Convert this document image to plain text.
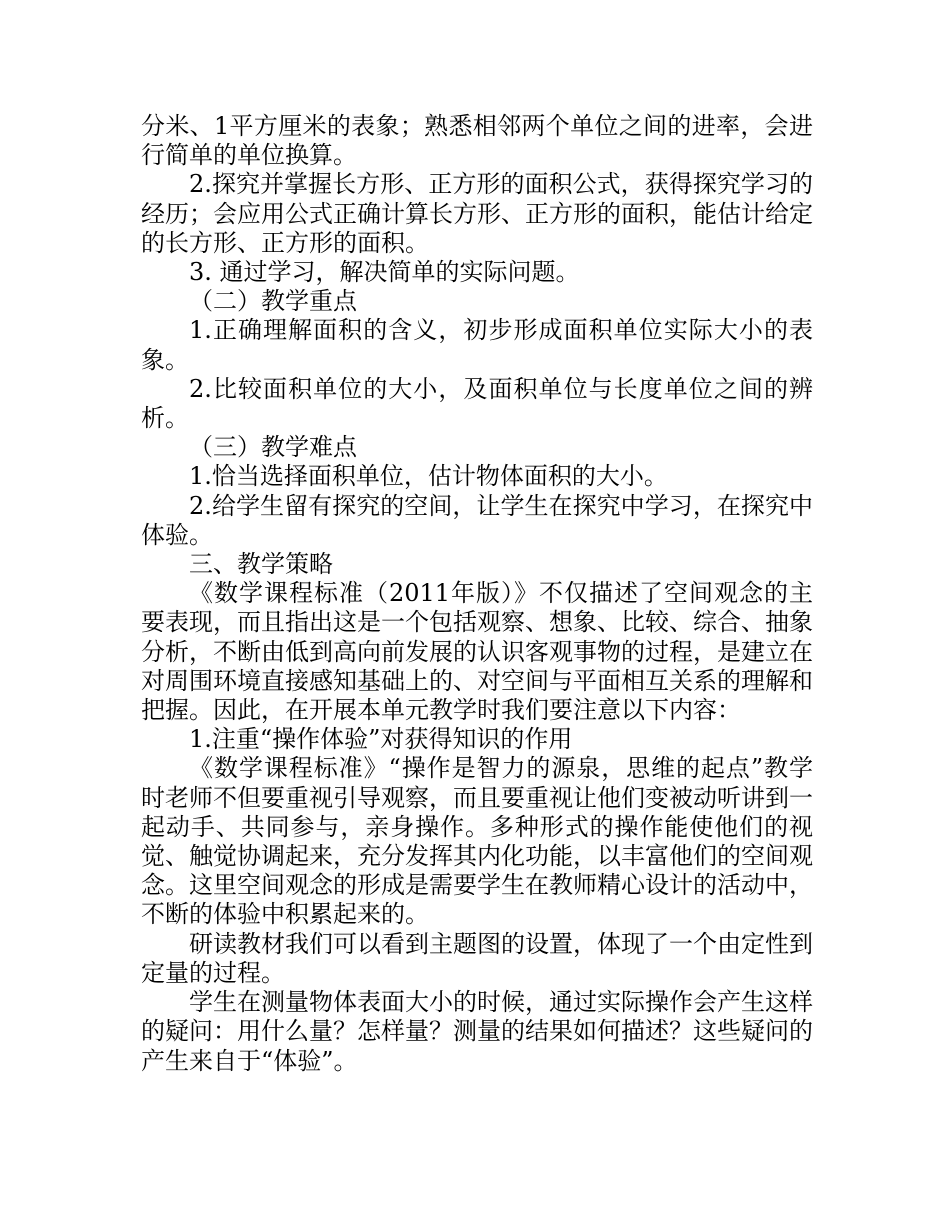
分米、1平方厘米的表象；熟悉相邻两个单位之间的进率，会进行简单的单位换算。

2.探究并掌握长方形、正方形的面积公式，获得探究学习的经历；会应用公式正确计算长方形、正方形的面积，能估计给定的长方形、正方形的面积。

3. 通过学习，解决简单的实际问题。

（二）教学重点

1.正确理解面积的含义，初步形成面积单位实际大小的表象。

2.比较面积单位的大小，及面积单位与长度单位之间的辨析。

（三）教学难点

1.恰当选择面积单位，估计物体面积的大小。

2.给学生留有探究的空间，让学生在探究中学习，在探究中体验。

三、教学策略

《数学课程标准（2011年版）》不仅描述了空间观念的主要表现，而且指出这是一个包括观察、想象、比较、综合、抽象分析，不断由低到高向前发展的认识客观事物的过程，是建立在对周围环境直接感知基础上的、对空间与平面相互关系的理解和把握。因此，在开展本单元教学时我们要注意以下内容：

1.注重“操作体验”对获得知识的作用

《数学课程标准》“操作是智力的源泉，思维的起点”教学时老师不但要重视引导观察，而且要重视让他们变被动听讲到一起动手、共同参与，亲身操作。多种形式的操作能使他们的视觉、触觉协调起来，充分发挥其内化功能，以丰富他们的空间观念。这里空间观念的形成是需要学生在教师精心设计的活动中，不断的体验中积累起来的。

研读教材我们可以看到主题图的设置，体现了一个由定性到定量的过程。

学生在测量物体表面大小的时候，通过实际操作会产生这样的疑问：用什么量？怎样量？测量的结果如何描述？这些疑问的产生来自于“体验”。
